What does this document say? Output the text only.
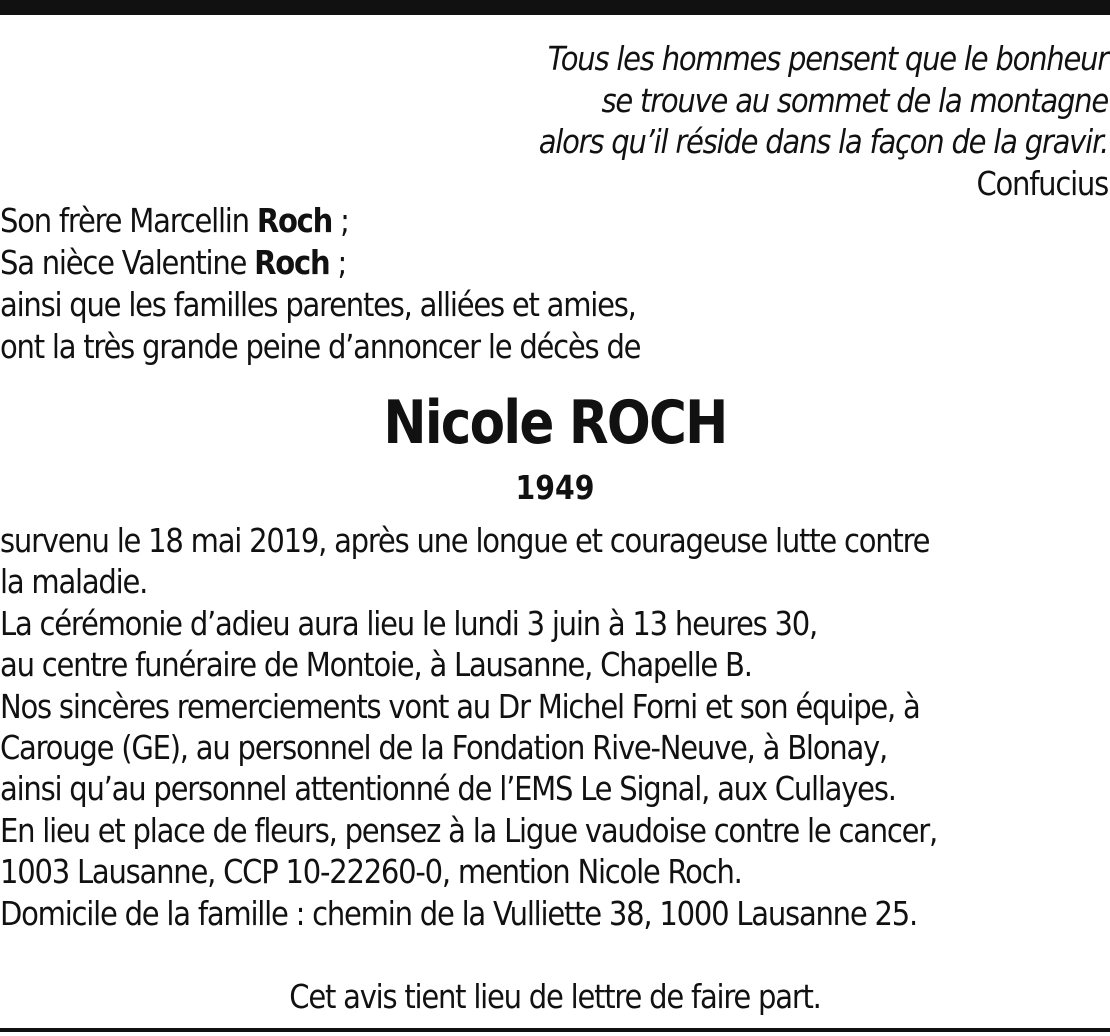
Tous les hommes pensent que le bonheur
se trouve au sommet de la montagne
alors qu’il réside dans la façon de la gravir.
Confucius
Son frère Marcellin Roch ;
Sa nièce Valentine Roch ;
ainsi que les familles parentes, alliées et amies,
ont la très grande peine d’annoncer le décès de
Nicole ROCH
1949
survenu le 18 mai 2019, après une longue et courageuse lutte contre
la maladie.
La cérémonie d’adieu aura lieu le lundi 3 juin à 13 heures 30,
au centre funéraire de Montoie, à Lausanne, Chapelle B.
Nos sincères remerciements vont au Dr Michel Forni et son équipe, à
Carouge (GE), au personnel de la Fondation Rive-Neuve, à Blonay,
ainsi qu’au personnel attentionné de l’EMS Le Signal, aux Cullayes.
En lieu et place de fleurs, pensez à la Ligue vaudoise contre le cancer,
1003 Lausanne, CCP 10-22260-0, mention Nicole Roch.
Domicile de la famille : chemin de la Vulliette 38, 1000 Lausanne 25.
Cet avis tient lieu de lettre de faire part.
